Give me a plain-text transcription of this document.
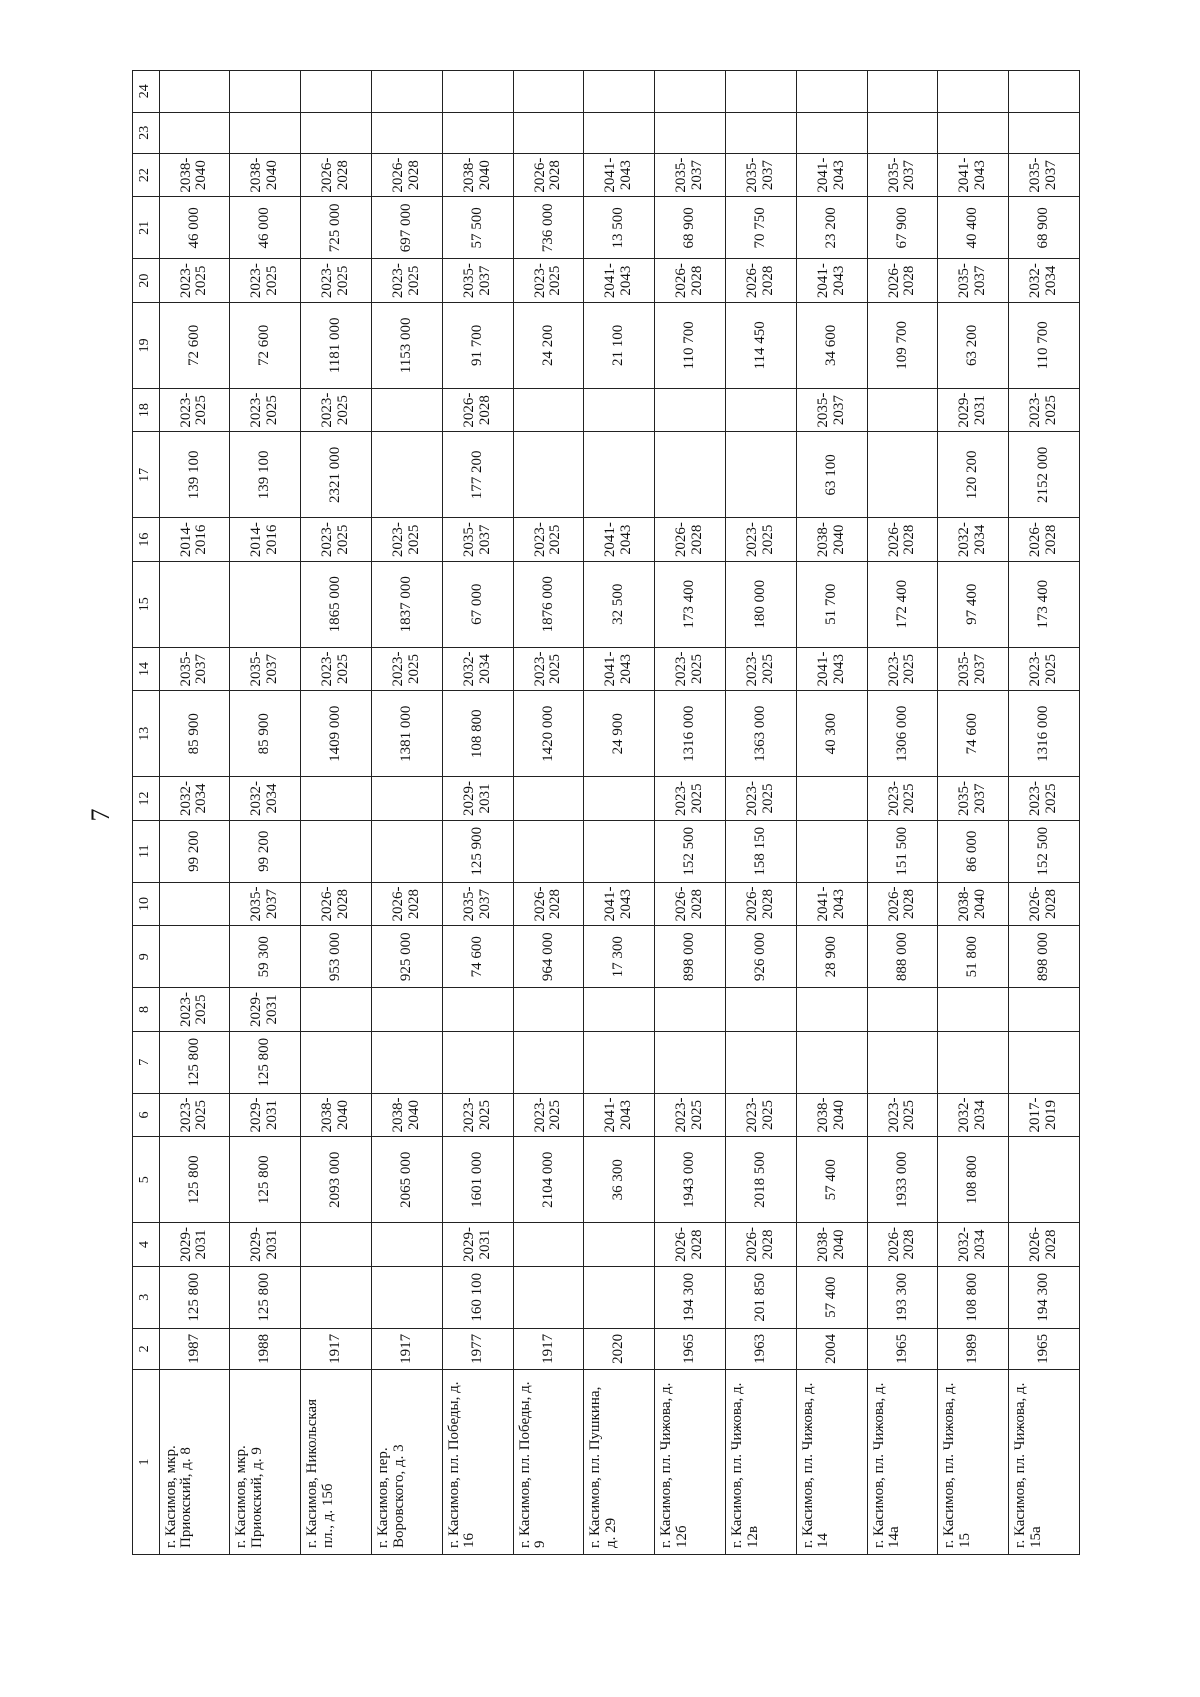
7
1	2	3	4	5	6	7	8	9	10	11	12	13	14	15	16	17	18	19	20	21	22	23	24
г. Касимов, мкр. Приокский, д. 8	1987	125 800	2029-2031	125 800	2023-2025	125 800	2023-2025			99 200	2032-2034	85 900	2035-2037		2014-2016	139 100	2023-2025	72 600	2023-2025	46 000	2038-2040		
г. Касимов, мкр. Приокский, д. 9	1988	125 800	2029-2031	125 800	2029-2031	125 800	2029-2031	59 300	2035-2037	99 200	2032-2034	85 900	2035-2037		2014-2016	139 100	2023-2025	72 600	2023-2025	46 000	2038-2040		
г. Касимов, Никольская пл., д. 15б	1917			2093 000	2038-2040			953 000	2026-2028			1409 000	2023-2025	1865 000	2023-2025	2321 000	2023-2025	1181 000	2023-2025	725 000	2026-2028		
г. Касимов, пер. Воровского, д. 3	1917			2065 000	2038-2040			925 000	2026-2028			1381 000	2023-2025	1837 000	2023-2025			1153 000	2023-2025	697 000	2026-2028		
г. Касимов, пл. Победы, д. 16	1977	160 100	2029-2031	1601 000	2023-2025			74 600	2035-2037	125 900	2029-2031	108 800	2032-2034	67 000	2035-2037	177 200	2026-2028	91 700	2035-2037	57 500	2038-2040		
г. Касимов, пл. Победы, д. 9	1917			2104 000	2023-2025			964 000	2026-2028			1420 000	2023-2025	1876 000	2023-2025			24 200	2023-2025	736 000	2026-2028		
г. Касимов, пл. Пушкина, д. 29	2020			36 300	2041-2043			17 300	2041-2043			24 900	2041-2043	32 500	2041-2043			21 100	2041-2043	13 500	2041-2043		
г. Касимов, пл. Чижова, д. 12б	1965	194 300	2026-2028	1943 000	2023-2025			898 000	2026-2028	152 500	2023-2025	1316 000	2023-2025	173 400	2026-2028			110 700	2026-2028	68 900	2035-2037		
г. Касимов, пл. Чижова, д. 12в	1963	201 850	2026-2028	2018 500	2023-2025			926 000	2026-2028	158 150	2023-2025	1363 000	2023-2025	180 000	2023-2025			114 450	2026-2028	70 750	2035-2037		
г. Касимов, пл. Чижова, д. 14	2004	57 400	2038-2040	57 400	2038-2040			28 900	2041-2043			40 300	2041-2043	51 700	2038-2040	63 100	2035-2037	34 600	2041-2043	23 200	2041-2043		
г. Касимов, пл. Чижова, д. 14а	1965	193 300	2026-2028	1933 000	2023-2025			888 000	2026-2028	151 500	2023-2025	1306 000	2023-2025	172 400	2026-2028			109 700	2026-2028	67 900	2035-2037		
г. Касимов, пл. Чижова, д. 15	1989	108 800	2032-2034	108 800	2032-2034			51 800	2038-2040	86 000	2035-2037	74 600	2035-2037	97 400	2032-2034	120 200	2029-2031	63 200	2035-2037	40 400	2041-2043		
г. Касимов, пл. Чижова, д. 15а	1965	194 300	2026-2028		2017-2019			898 000	2026-2028	152 500	2023-2025	1316 000	2023-2025	173 400	2026-2028	2152 000	2023-2025	110 700	2032-2034	68 900	2035-2037		
